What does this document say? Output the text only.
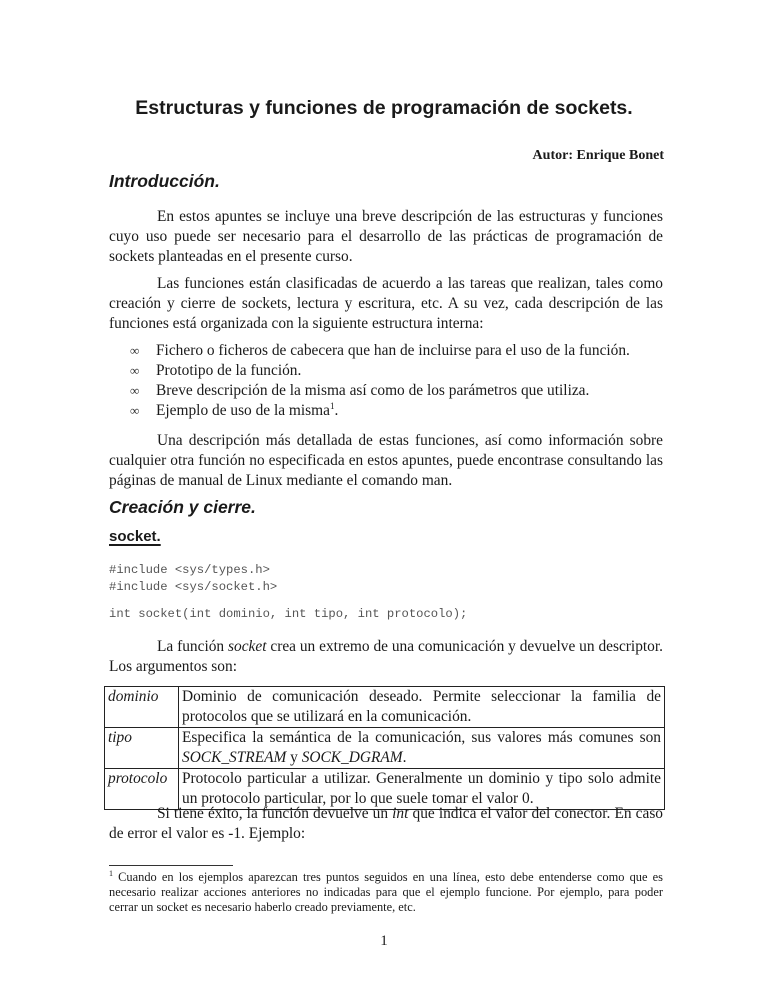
Estructuras y funciones de programación de sockets.
Autor: Enrique Bonet
Introducción.
En estos apuntes se incluye una breve descripción de las estructuras y funciones cuyo uso puede ser necesario para el desarrollo de las prácticas de programación de sockets planteadas en el presente curso.
Las funciones están clasificadas de acuerdo a las tareas que realizan, tales como creación y cierre de sockets, lectura y escritura, etc. A su vez, cada descripción de las funciones está organizada con la siguiente estructura interna:
∞ Fichero o ficheros de cabecera que han de incluirse para el uso de la función.
∞ Prototipo de la función.
∞ Breve descripción de la misma así como de los parámetros que utiliza.
∞ Ejemplo de uso de la misma$^1$.
Una descripción más detallada de estas funciones, así como información sobre cualquier otra función no especificada en estos apuntes, puede encontrase consultando las páginas de manual de Linux mediante el comando man.
Creación y cierre.
socket.
#include <sys/types.h>
#include <sys/socket.h>
int socket(int dominio, int tipo, int protocolo);
La función socket crea un extremo de una comunicación y devuelve un descriptor. Los argumentos son:
dominio	Dominio de comunicación deseado. Permite seleccionar la familia de protocolos que se utilizará en la comunicación.
tipo	Especifica la semántica de la comunicación, sus valores más comunes son SOCK_STREAM y SOCK_DGRAM.
protocolo	Protocolo particular a utilizar. Generalmente un dominio y tipo solo admite un protocolo particular, por lo que suele tomar el valor 0.
Si tiene éxito, la función devuelve un int que indica el valor del conector. En caso de error el valor es -1. Ejemplo:
$^1$ Cuando en los ejemplos aparezcan tres puntos seguidos en una línea, esto debe entenderse como que es necesario realizar acciones anteriores no indicadas para que el ejemplo funcione. Por ejemplo, para poder cerrar un socket es necesario haberlo creado previamente, etc.
1
